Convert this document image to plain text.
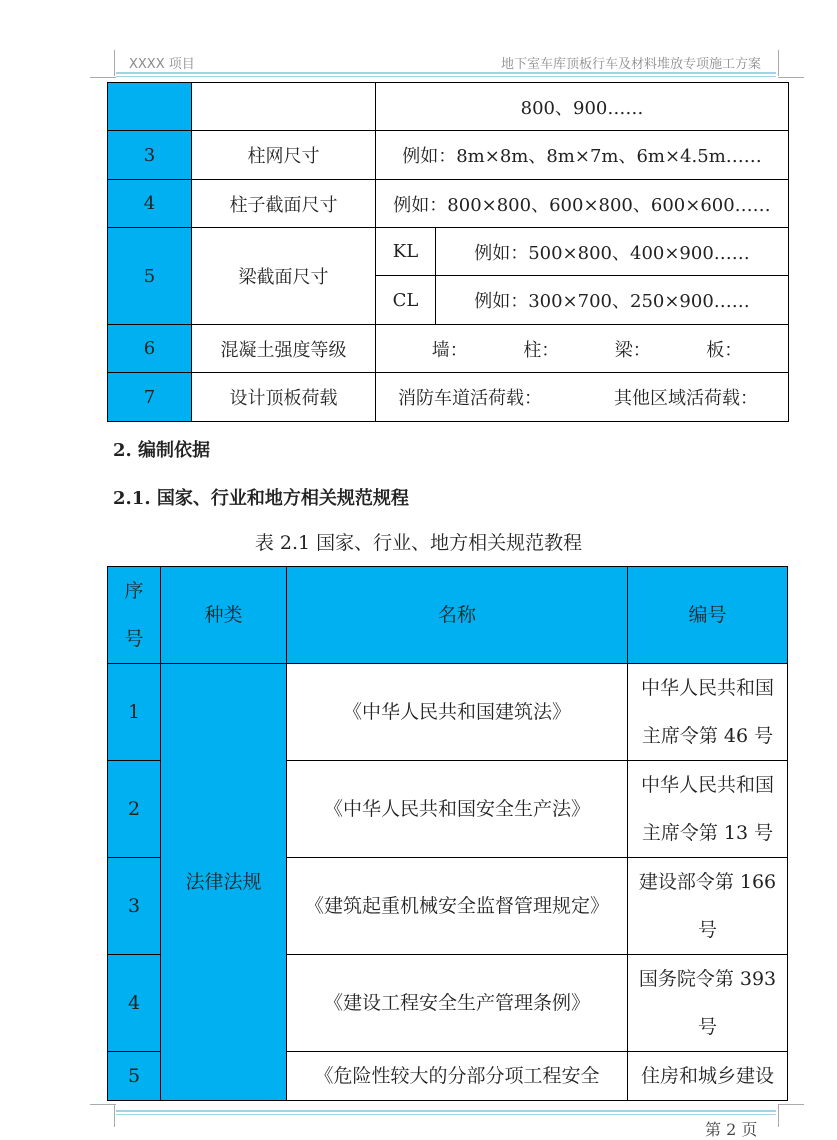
XXXX 项目	地下室车库顶板行车及材料堆放专项施工方案
		800、900……	
3	柱网尺寸	例如：8m×8m、8m×7m、6m×4.5m……	
4	柱子截面尺寸	例如：800×800、600×800、600×600……	
5	梁截面尺寸	KL	例如：500×800、400×900……
		CL	例如：300×700、250×900……
6	混凝土强度等级	墙： 柱： 梁： 板：	

7	设计顶板荷载	消防车道活荷载： 其他区域活荷载：	
2. 编制依据
2.1. 国家、行业和地方相关规范规程
表 2.1 国家、行业、地方相关规范教程
序
号	种类	名称	编号
1	法律法规	《中华人民共和国建筑法》	中华人民共和国
主席令第 46 号

2		《中华人民共和国安全生产法》	中华人民共和国
主席令第 13 号

3		《建筑起重机械安全监督管理规定》	建设部令第 166
号

4		《建设工程安全生产管理条例》	国务院令第 393
号

5		《危险性较大的分部分项工程安全	住房和城乡建设
第 2 页
